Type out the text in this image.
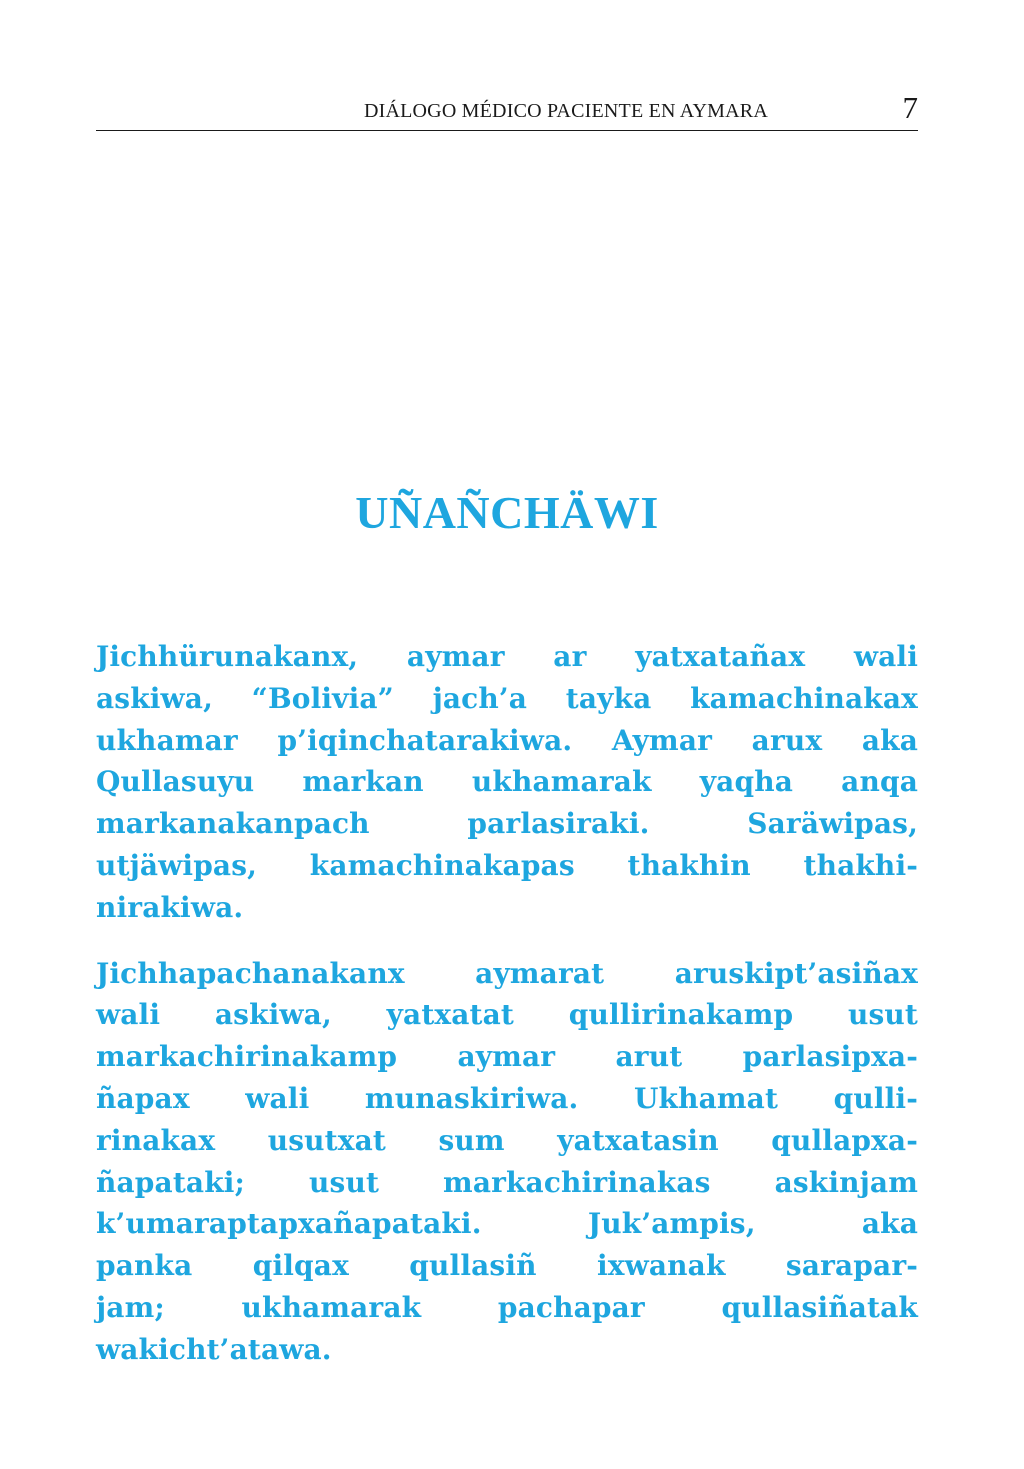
DIÁLOGO MÉDICO PACIENTE EN AYMARA	7
UÑAÑCHÄWI

Jichhürunakanx, aymar ar yatxatañax wali
askiwa, “Bolivia” jach’a tayka kamachinakax
ukhamar p’iqinchatarakiwa. Aymar arux aka
Qullasuyu markan ukhamarak yaqha anqa
markanakanpach parlasiraki. Saräwipas,
utjäwipas, kamachinakapas thakhin thakhi-
nirakiwa.

Jichhapachanakanx aymarat aruskipt’asiñax
wali askiwa, yatxatat qullirinakamp usut
markachirinakamp aymar arut parlasipxa-
ñapax wali munaskiriwa. Ukhamat qulli-
rinakax usutxat sum yatxatasin qullapxa-
ñapataki; usut markachirinakas askinjam
k’umaraptapxañapataki. Juk’ampis, aka
panka qilqax qullasiñ ixwanak sarapar-
jam; ukhamarak pachapar qullasiñatak
wakicht’atawa.
